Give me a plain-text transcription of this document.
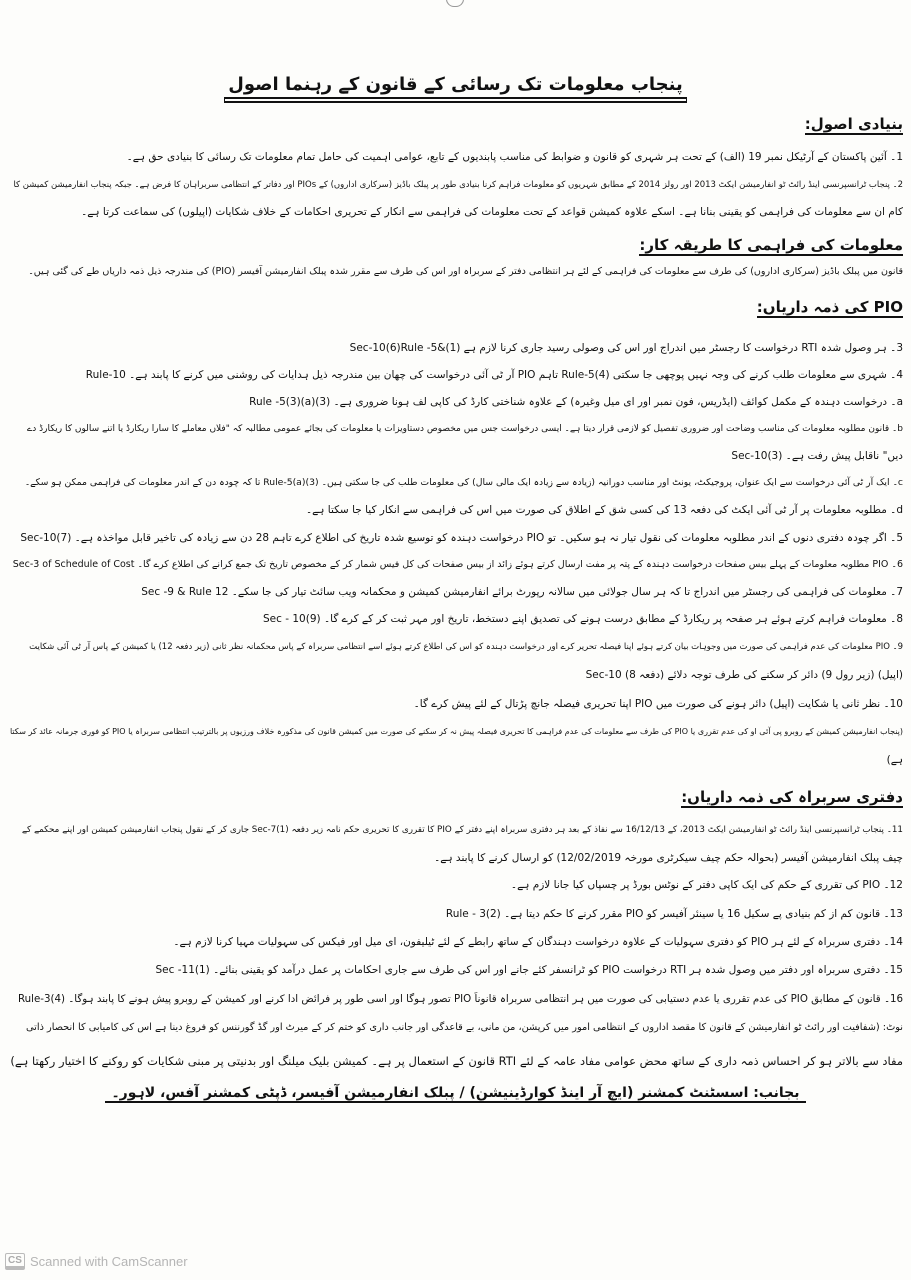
پنجاب معلومات تک رسائی کے قانون کے رہنما اصول
بنیادی اصول:
1۔ آئین پاکستان کے آرٹیکل نمبر 19 (الف) کے تحت ہر شہری کو قانون و ضوابط کی مناسب پابندیوں کے تابع، عوامی اہمیت کی حامل تمام معلومات تک رسائی کا بنیادی حق ہے۔
2۔ پنجاب ٹرانسپرنسی اینڈ رائٹ ٹو انفارمیشن ایکٹ 2013 اور رولز 2014 کے مطابق شہریوں کو معلومات فراہم کرنا بنیادی طور پر پبلک باڈیز (سرکاری اداروں) کے PIOs اور دفاتر کے انتظامی سربراہان کا فرض ہے۔ جبکہ پنجاب انفارمیشن کمیشن کا
کام ان سے معلومات کی فراہمی کو یقینی بنانا ہے۔ اسکے علاوہ کمیشن قواعد کے تحت معلومات کی فراہمی سے انکار کے تحریری احکامات کے خلاف شکایات (اپیلوں) کی سماعت کرتا ہے۔
معلومات کی فراہمی کا طریقہ کار:
قانون میں پبلک باڈیز (سرکاری اداروں) کی طرف سے معلومات کی فراہمی کے لئے ہر انتظامی دفتر کے سربراہ اور اس کی طرف سے مقرر شدہ پبلک انفارمیشن آفیسر (PIO) کی مندرجہ ذیل ذمہ داریاں طے کی گئی ہیں۔
PIO کی ذمہ داریاں:
3۔ ہر وصول شدہ RTI درخواست کا رجسٹر میں اندراج اور اس کی وصولی رسید جاری کرنا لازم ہے (1)&Sec-10(6)Rule -5
4۔ شہری سے معلومات طلب کرنے کی وجہ نہیں پوچھی جا سکتی Rule-5(4) تاہم PIO آر ٹی آئی درخواست کی چھان بین مندرجہ ذیل ہدایات کی روشنی میں کرنے کا پابند ہے۔ Rule-10
a۔ درخواست دہندہ کے مکمل کوائف (ایڈریس، فون نمبر اور ای میل وغیرہ) کے علاوہ شناختی کارڈ کی کاپی لف ہونا ضروری ہے۔ Rule -5(3)(a)(3)
b۔ قانون مطلوبہ معلومات کی مناسب وضاحت اور ضروری تفصیل کو لازمی قرار دیتا ہے۔ ایسی درخواست جس میں مخصوص دستاویزات یا معلومات کی بجائے عمومی مطالبہ کہ "فلاں معاملے کا سارا ریکارڈ یا اتنے سالوں کا ریکارڈ دے
دیں" ناقابل پیش رفت ہے۔ Sec-10(3)
c۔ ایک آر ٹی آئی درخواست سے ایک عنوان، پروجیکٹ، یونٹ اور مناسب دورانیہ (زیادہ سے زیادہ ایک مالی سال) کی معلومات طلب کی جا سکتی ہیں۔ Rule-5(a)(3) تا کہ چودہ دن کے اندر معلومات کی فراہمی ممکن ہو سکے۔
d۔ مطلوبہ معلومات پر آر ٹی آئی ایکٹ کی دفعہ 13 کی کسی شق کے اطلاق کی صورت میں اس کی فراہمی سے انکار کیا جا سکتا ہے۔
5۔ اگر چودہ دفتری دنوں کے اندر مطلوبہ معلومات کی نقول تیار نہ ہو سکیں۔ تو PIO درخواست دہندہ کو توسیع شدہ تاریخ کی اطلاع کرے تاہم 28 دن سے زیادہ کی تاخیر قابل مواخذہ ہے۔ Sec-10(7)
6۔ PIO مطلوبہ معلومات کے پہلے بیس صفحات درخواست دہندہ کے پتہ پر مفت ارسال کرتے ہوئے زائد از بیس صفحات کی کل فیس شمار کر کے مخصوص تاریخ تک جمع کرانے کی اطلاع کرے گا۔ Sec-3 of Schedule of Cost
7۔ معلومات کی فراہمی کی رجسٹر میں اندراج تا کہ ہر سال جولائی میں سالانہ رپورٹ برائے انفارمیشن کمیشن و محکمانہ ویب سائٹ تیار کی جا سکے۔ Sec -9 & Rule 12
8۔ معلومات فراہم کرتے ہوئے ہر صفحہ پر ریکارڈ کے مطابق درست ہونے کی تصدیق اپنے دستخط، تاریخ اور مہر ثبت کر کے کرے گا۔ Sec - 10(9)
9۔ PIO معلومات کی عدم فراہمی کی صورت میں وجوہات بیان کرتے ہوئے اپنا فیصلہ تحریر کرے اور درخواست دہندہ کو اس کی اطلاع کرتے ہوئے اسے انتظامی سربراہ کے پاس محکمانہ نظر ثانی (زیر دفعہ 12) یا کمیشن کے پاس آر ٹی آئی شکایت
(اپیل) (زیر رول 9) دائر کر سکنے کی طرف توجہ دلائے (دفعہ 8) Sec-10
10۔ نظر ثانی یا شکایت (اپیل) دائر ہونے کی صورت میں PIO اپنا تحریری فیصلہ جانچ پڑتال کے لئے پیش کرے گا۔
(پنجاب انفارمیشن کمیشن کے روبرو پی آئی او کی عدم تقرری یا PIO کی طرف سے معلومات کی عدم فراہمی کا تحریری فیصلہ پیش نہ کر سکنے کی صورت میں کمیشن قانون کی مذکورہ خلاف ورزیوں پر بالترتیب انتظامی سربراہ یا PIO کو فوری جرمانہ عائد کر سکتا
ہے)
دفتری سربراہ کی ذمہ داریاں:
11۔ پنجاب ٹرانسپرنسی اینڈ رائٹ ٹو انفارمیشن ایکٹ 2013، کے 16/12/13 سے نفاذ کے بعد ہر دفتری سربراہ اپنے دفتر کے PIO کا تقرری کا تحریری حکم نامہ زیر دفعہ Sec-7(1) جاری کر کے نقول پنجاب انفارمیشن کمیشن اور اپنے محکمے کے
چیف پبلک انفارمیشن آفیسر (بحوالہ حکم چیف سیکرٹری مورخہ 12/02/2019) کو ارسال کرنے کا پابند ہے۔
12۔ PIO کی تقرری کے حکم کی ایک کاپی دفتر کے نوٹس بورڈ پر چسپاں کیا جانا لازم ہے۔
13۔ قانون کم از کم بنیادی پے سکیل 16 یا سینئر آفیسر کو PIO مقرر کرنے کا حکم دیتا ہے۔ Rule - 3(2)
14۔ دفتری سربراہ کے لئے ہر PIO کو دفتری سہولیات کے علاوہ درخواست دہندگان کے ساتھ رابطے کے لئے ٹیلیفون، ای میل اور فیکس کی سہولیات مہیا کرنا لازم ہے۔
15۔ دفتری سربراہ اور دفتر میں وصول شدہ ہر RTI درخواست PIO کو ٹرانسفر کئے جانے اور اس کی طرف سے جاری احکامات پر عمل درآمد کو یقینی بنائے۔ Sec -11(1)
16۔ قانون کے مطابق PIO کی عدم تقرری یا عدم دستیابی کی صورت میں ہر انتظامی سربراہ قانوناً PIO تصور ہوگا اور اسی طور پر فرائض ادا کرنے اور کمیشن کے روبرو پیش ہونے کا پابند ہوگا۔ Rule-3(4)
نوٹ: (شفافیت اور رائٹ ٹو انفارمیشن کے قانون کا مقصد اداروں کے انتظامی امور میں کرپشن، من مانی، بے قاعدگی اور جانب داری کو ختم کر کے میرٹ اور گڈ گورننس کو فروغ دینا ہے اس کی کامیابی کا انحصار ذاتی
مفاد سے بالاتر ہو کر احساس ذمہ داری کے ساتھ محض عوامی مفاد عامہ کے لئے RTI قانون کے استعمال پر ہے۔ کمیشن بلیک میلنگ اور بدنیتی پر مبنی شکایات کو روکنے کا اختیار رکھتا ہے)
بجانب: اسسٹنٹ کمشنر (ایچ آر اینڈ کوارڈینیشن) / پبلک انفارمیشن آفیسر، ڈپٹی کمشنر آفس، لاہور۔
CS Scanned with CamScanner
